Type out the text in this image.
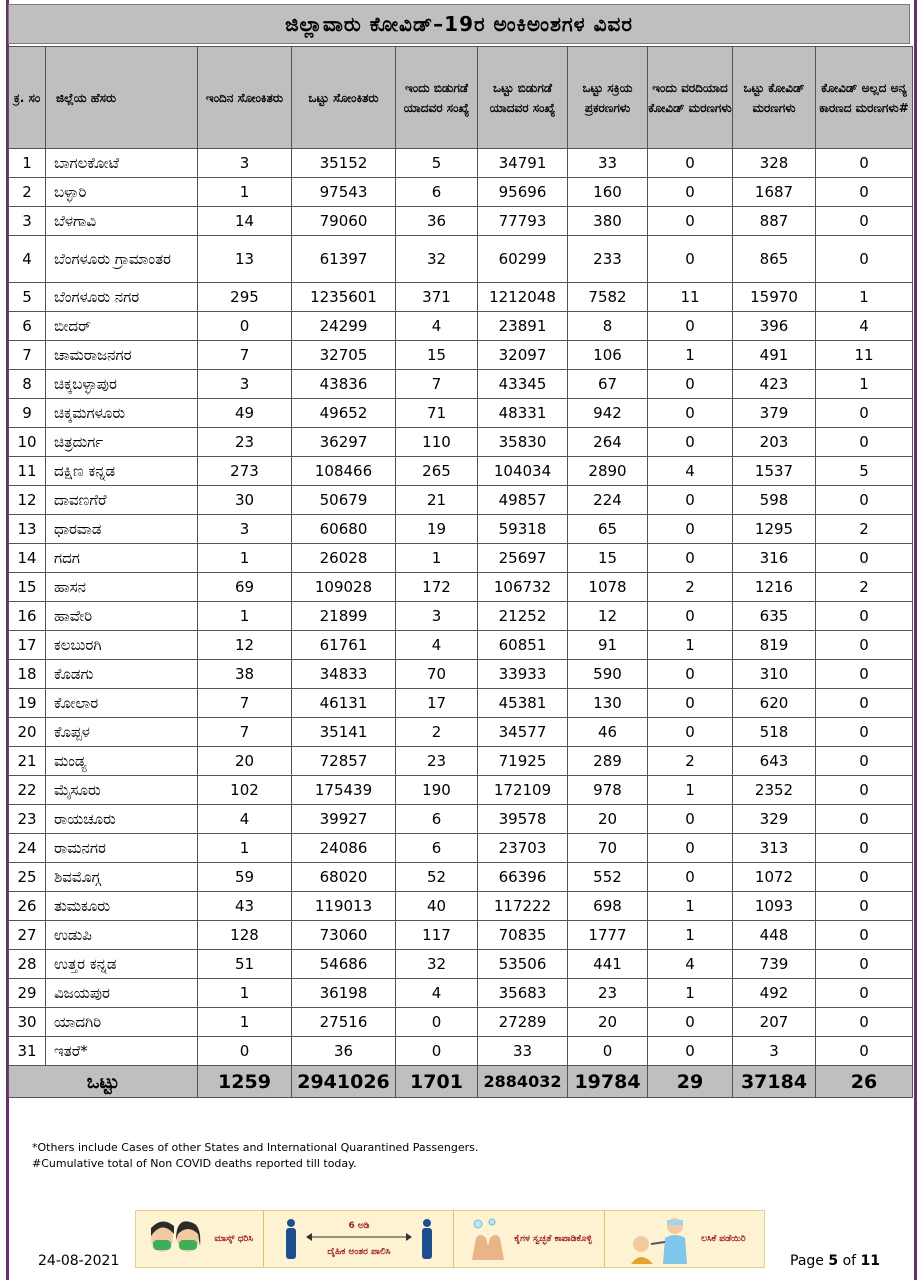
ಜಿಲ್ಲಾವಾರು ಕೋವಿಡ್–19ರ ಅಂಕಿಅಂಶಗಳ ವಿವರ
ಕ್ರ. ಸಂ	ಜಿಲ್ಲೆಯ ಹೆಸರು	ಇಂದಿನ ಸೋಂಕಿತರು	ಒಟ್ಟು ಸೋಂಕಿತರು	ಇಂದು ಬಿಡುಗಡೆ ಯಾದವರ ಸಂಖ್ಯೆ	ಒಟ್ಟು ಬಿಡುಗಡೆ ಯಾದವರ ಸಂಖ್ಯೆ	ಒಟ್ಟು ಸಕ್ರಿಯ ಪ್ರಕರಣಗಳು	ಇಂದು ವರದಿಯಾದ ಕೋವಿಡ್ ಮರಣಗಳು	ಒಟ್ಟು ಕೋವಿಡ್ ಮರಣಗಳು	ಕೋವಿಡ್ ಅಲ್ಲದ ಅನ್ಯ ಕಾರಣದ ಮರಣಗಳು#
1	ಬಾಗಲಕೋಟೆ	3	35152	5	34791	33	0	328	0
2	ಬಳ್ಳಾರಿ	1	97543	6	95696	160	0	1687	0
3	ಬೆಳಗಾವಿ	14	79060	36	77793	380	0	887	0
4	ಬೆಂಗಳೂರು ಗ್ರಾಮಾಂತರ	13	61397	32	60299	233	0	865	0
5	ಬೆಂಗಳೂರು ನಗರ	295	1235601	371	1212048	7582	11	15970	1
6	ಬೀದರ್	0	24299	4	23891	8	0	396	4
7	ಚಾಮರಾಜನಗರ	7	32705	15	32097	106	1	491	11
8	ಚಿಕ್ಕಬಳ್ಳಾಪುರ	3	43836	7	43345	67	0	423	1
9	ಚಿಕ್ಕಮಗಳೂರು	49	49652	71	48331	942	0	379	0
10	ಚಿತ್ರದುರ್ಗ	23	36297	110	35830	264	0	203	0
11	ದಕ್ಷಿಣ ಕನ್ನಡ	273	108466	265	104034	2890	4	1537	5
12	ದಾವಣಗೆರೆ	30	50679	21	49857	224	0	598	0
13	ಧಾರವಾಡ	3	60680	19	59318	65	0	1295	2
14	ಗದಗ	1	26028	1	25697	15	0	316	0
15	ಹಾಸನ	69	109028	172	106732	1078	2	1216	2
16	ಹಾವೇರಿ	1	21899	3	21252	12	0	635	0
17	ಕಲಬುರಗಿ	12	61761	4	60851	91	1	819	0
18	ಕೊಡಗು	38	34833	70	33933	590	0	310	0
19	ಕೋಲಾರ	7	46131	17	45381	130	0	620	0
20	ಕೊಪ್ಪಳ	7	35141	2	34577	46	0	518	0
21	ಮಂಡ್ಯ	20	72857	23	71925	289	2	643	0
22	ಮೈಸೂರು	102	175439	190	172109	978	1	2352	0
23	ರಾಯಚೂರು	4	39927	6	39578	20	0	329	0
24	ರಾಮನಗರ	1	24086	6	23703	70	0	313	0
25	ಶಿವಮೊಗ್ಗ	59	68020	52	66396	552	0	1072	0
26	ತುಮಕೂರು	43	119013	40	117222	698	1	1093	0
27	ಉಡುಪಿ	128	73060	117	70835	1777	1	448	0
28	ಉತ್ತರ ಕನ್ನಡ	51	54686	32	53506	441	4	739	0
29	ವಿಜಯಪುರ	1	36198	4	35683	23	1	492	0
30	ಯಾದಗಿರಿ	1	27516	0	27289	20	0	207	0
31	ಇತರೆ*	0	36	0	33	0	0	3	0
ಒಟ್ಟು		1259	2941026	1701	2884032	19784	29	37184	26
*Others include Cases of other States and International Quarantined Passengers.
#Cumulative total of Non COVID deaths reported till today.
ಮಾಸ್ಕ್ ಧರಿಸಿ
6 ಅಡಿ
ದೈಹಿಕ ಅಂತರ ಪಾಲಿಸಿ
ಕೈಗಳ ಸ್ವಚ್ಛತೆ ಕಾಪಾಡಿಕೊಳ್ಳಿ	ಲಸಿಕೆ ಪಡೆಯಿರಿ
24-08-2021	Page 5 of 11
